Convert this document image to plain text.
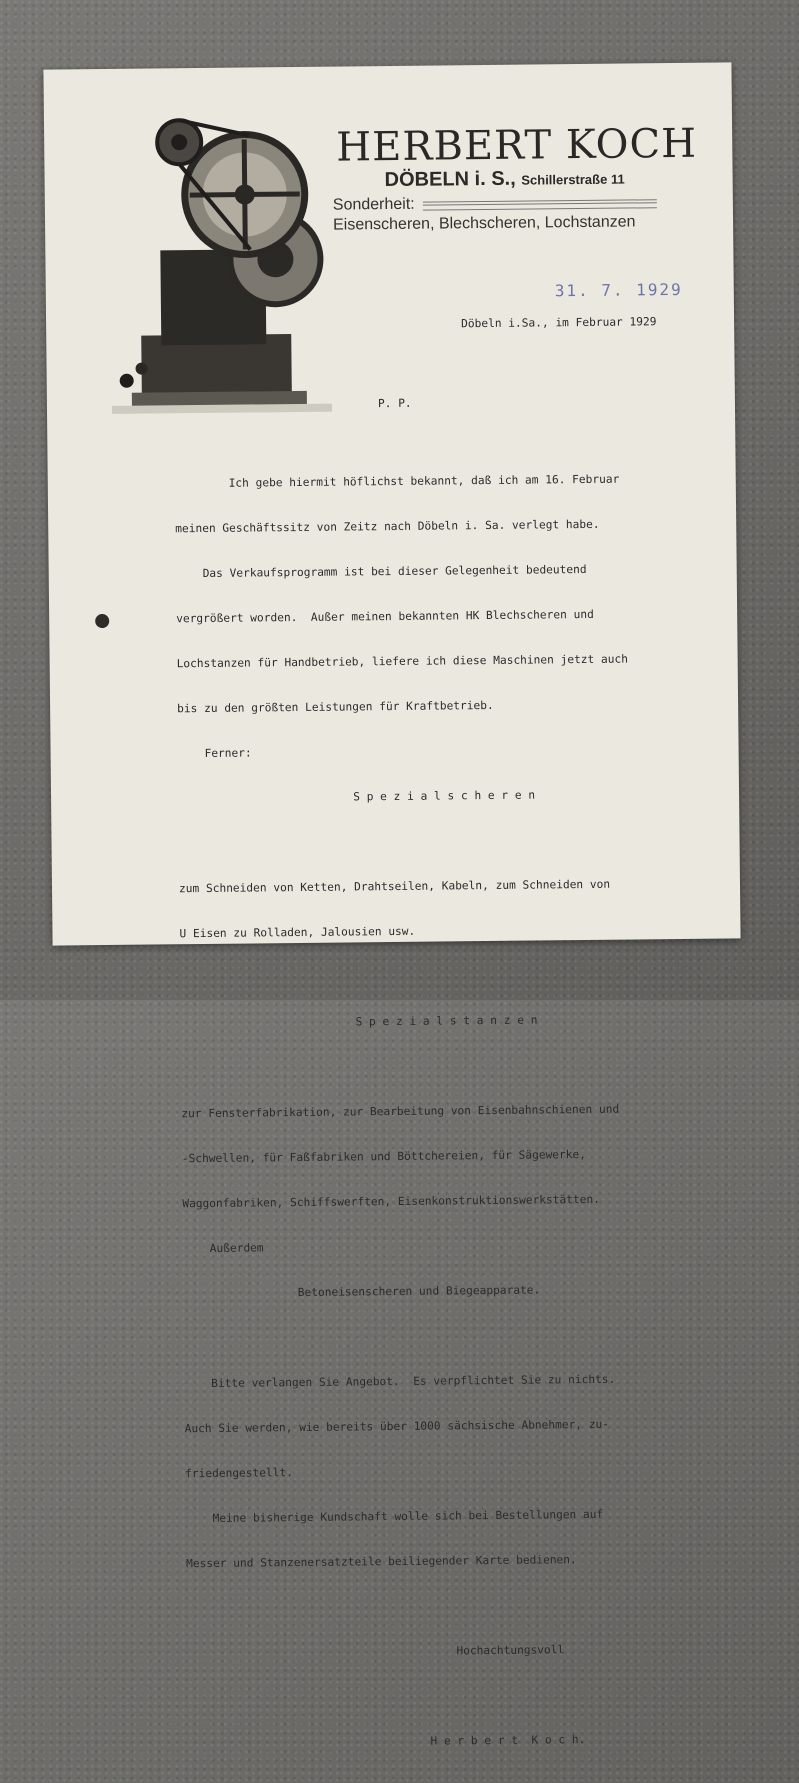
HERBERT KOCH
DÖBELN i. S., Schillerstraße 11
Sonderheit:
Eisenscheren, Blechscheren, Lochstanzen
31. 7. 1929
Döbeln i.Sa., im Februar 1929
P. P.

Ich gebe hiermit höflichst bekannt, daß ich am 16. Februar

meinen Geschäftssitz von Zeitz nach Döbeln i. Sa. verlegt habe.

Das Verkaufsprogramm ist bei dieser Gelegenheit bedeutend

vergrößert worden.  Außer meinen bekannten HK Blechscheren und

Lochstanzen für Handbetrieb, liefere ich diese Maschinen jetzt auch

bis zu den größten Leistungen für Kraftbetrieb.

Ferner:

S p e z i a l s c h e r e n

zum Schneiden von Ketten, Drahtseilen, Kabeln, zum Schneiden von

U Eisen zu Rolladen, Jalousien usw.

S p e z i a l s t a n z e n

zur Fensterfabrikation, zur Bearbeitung von Eisenbahnschienen und

-Schwellen, für Faßfabriken und Böttchereien, für Sägewerke,

Waggonfabriken, Schiffswerften, Eisenkonstruktionswerkstätten.

Außerdem

Betoneisenscheren und Biegeapparate.

Bitte verlangen Sie Angebot.  Es verpflichtet Sie zu nichts.

Auch Sie werden, wie bereits über 1000 sächsische Abnehmer, zu-

friedengestellt.

Meine bisherige Kundschaft wolle sich bei Bestellungen auf

Messer und Stanzenersatzteile beiliegender Karte bedienen.

Hochachtungsvoll

H e r b e r t  K o c h.
